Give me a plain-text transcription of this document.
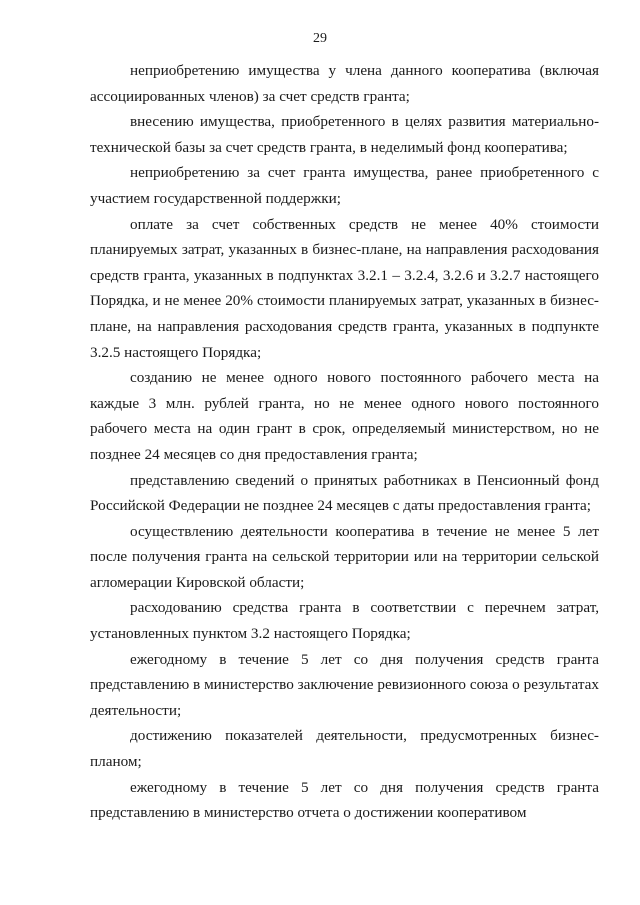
29

неприобретению имущества у члена данного кооператива (включая ассоциированных членов) за счет средств гранта;

внесению имущества, приобретенного в целях развития материально-технической базы за счет средств гранта, в неделимый фонд кооператива;

неприобретению за счет гранта имущества, ранее приобретенного с участием государственной поддержки;

оплате за счет собственных средств не менее 40% стоимости планируемых затрат, указанных в бизнес-плане, на направления расходования средств гранта, указанных в подпунктах 3.2.1 – 3.2.4, 3.2.6 и 3.2.7 настоящего Порядка, и не менее 20% стоимости планируемых затрат, указанных в бизнес-плане, на направления расходования средств гранта, указанных в подпункте 3.2.5 настоящего Порядка;

созданию не менее одного нового постоянного рабочего места на каждые 3 млн. рублей гранта, но не менее одного нового постоянного рабочего места на один грант в срок, определяемый министерством, но не позднее 24 месяцев со дня предоставления гранта;

представлению сведений о принятых работниках в Пенсионный фонд Российской Федерации не позднее 24 месяцев с даты предоставления гранта;

осуществлению деятельности кооператива в течение не менее 5 лет после получения гранта на сельской территории или на территории сельской агломерации Кировской области;

расходованию средства гранта в соответствии с перечнем затрат, установленных пунктом 3.2 настоящего Порядка;

ежегодному в течение 5 лет со дня получения средств гранта представлению в министерство заключение ревизионного союза о результатах деятельности;

достижению показателей деятельности, предусмотренных бизнес-планом;

ежегодному в течение 5 лет со дня получения средств гранта представлению в министерство отчета о достижении кооперативом
